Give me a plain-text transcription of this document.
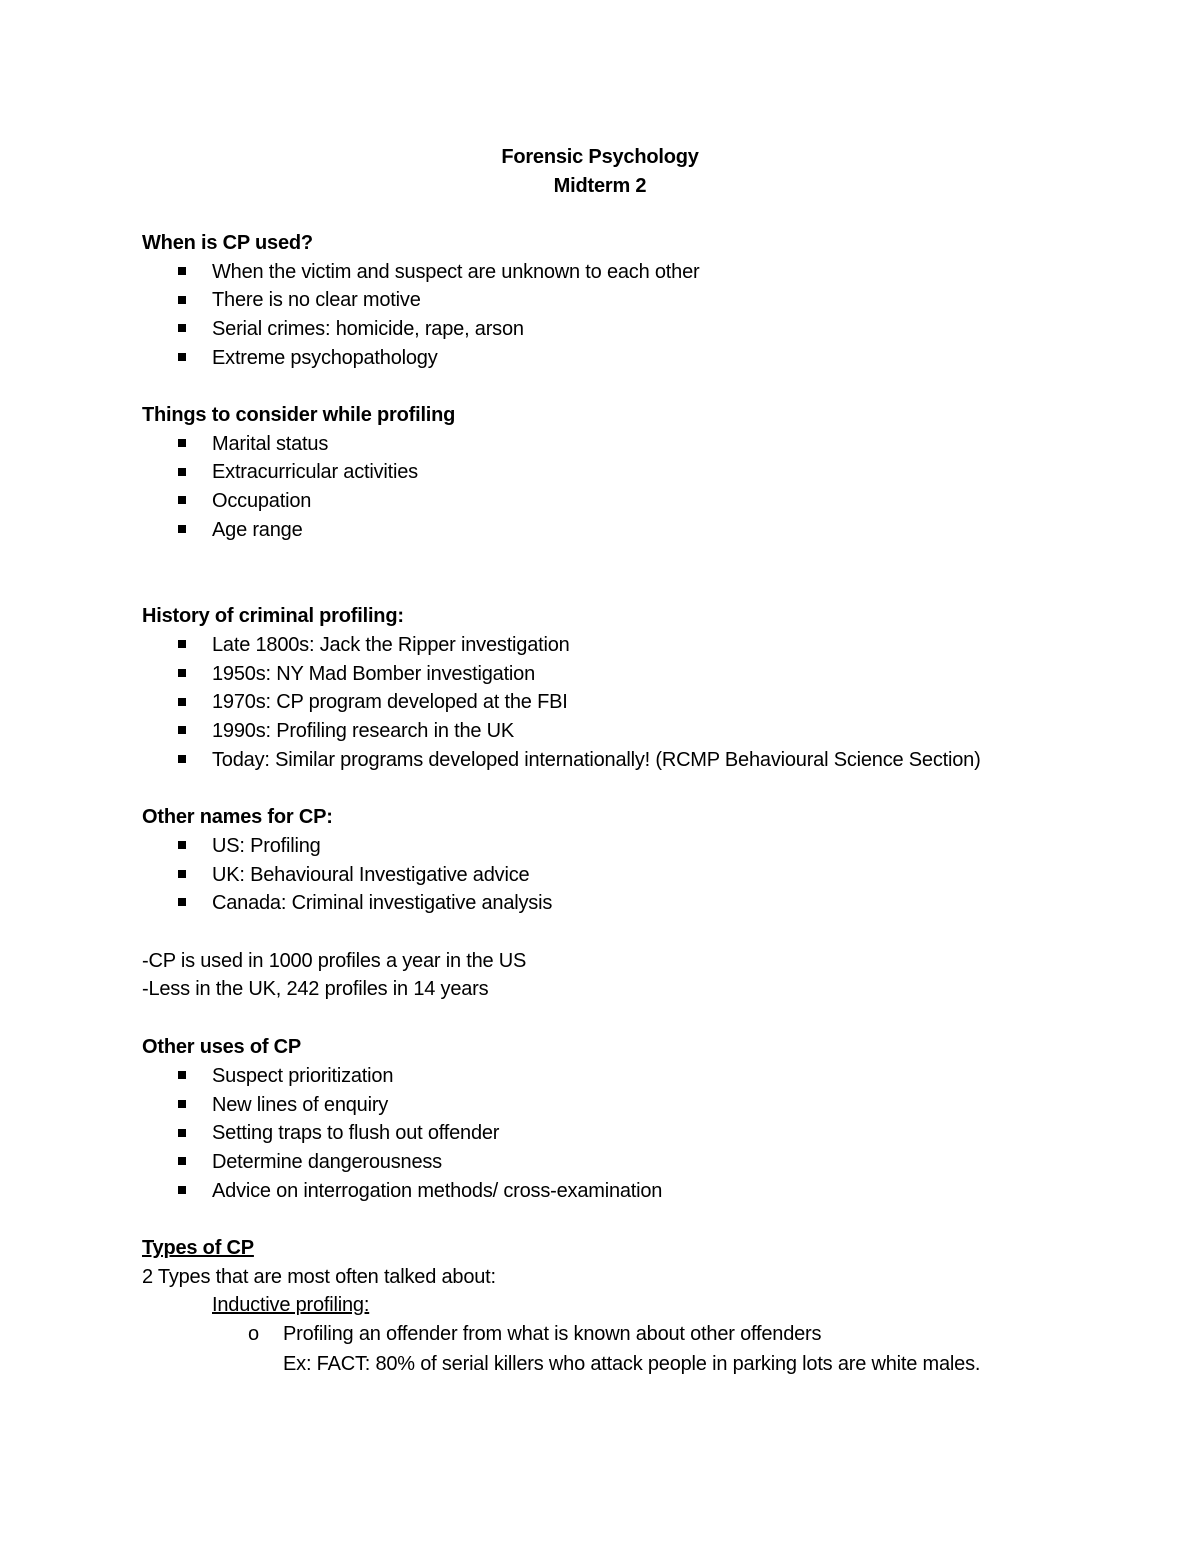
Forensic Psychology
Midterm 2
When is CP used?
When the victim and suspect are unknown to each other
There is no clear motive
Serial crimes: homicide, rape, arson
Extreme psychopathology
Things to consider while profiling
Marital status
Extracurricular activities
Occupation
Age range
History of criminal profiling:
Late 1800s: Jack the Ripper investigation
1950s: NY Mad Bomber investigation
1970s: CP program developed at the FBI
1990s: Profiling research in the UK
Today: Similar programs developed internationally! (RCMP Behavioural Science Section)
Other names for CP:
US: Profiling
UK: Behavioural Investigative advice
Canada: Criminal investigative analysis
-CP is used in 1000 profiles a year in the US
-Less in the UK, 242 profiles in 14 years
Other uses of CP
Suspect prioritization
New lines of enquiry
Setting traps to flush out offender
Determine dangerousness
Advice on interrogation methods/ cross-examination
Types of CP
2 Types that are most often talked about:
Inductive profiling:
o Profiling an offender from what is known about other offenders
Ex: FACT: 80% of serial killers who attack people in parking lots are white males.
